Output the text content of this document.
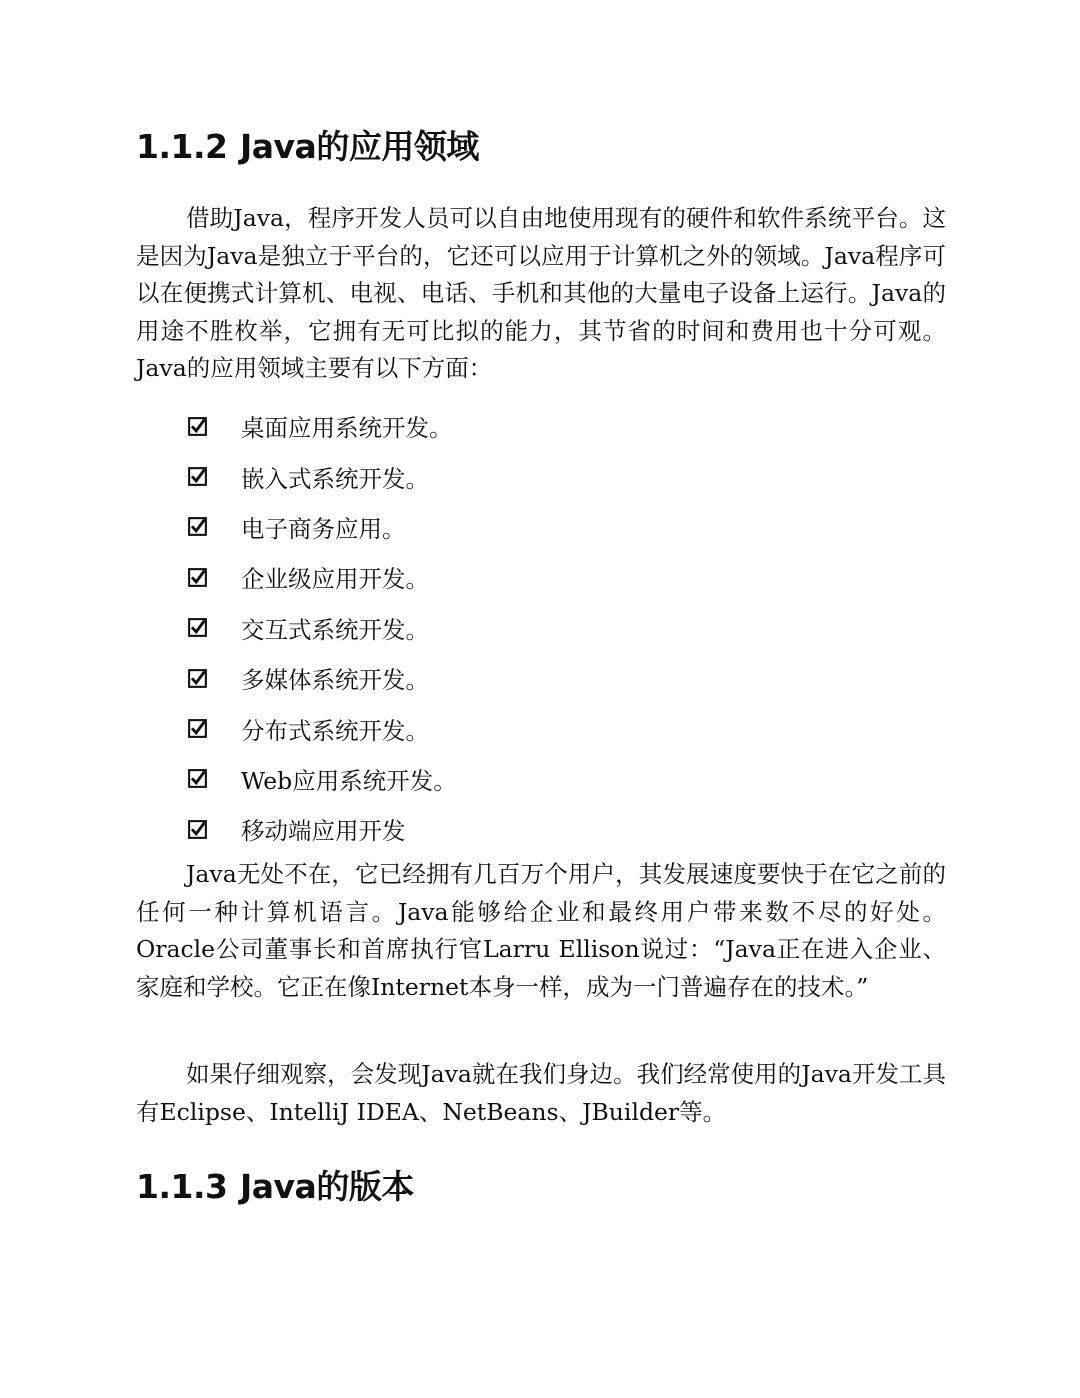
1.1.2 Java的应用领域

借助Java，程序开发人员可以自由地使用现有的硬件和软件系统平台。这是因为Java是独立于平台的，它还可以应用于计算机之外的领域。Java程序可以在便携式计算机、电视、电话、手机和其他的大量电子设备上运行。Java的用途不胜枚举，它拥有无可比拟的能力，其节省的时间和费用也十分可观。Java的应用领域主要有以下方面：

桌面应用系统开发。
嵌入式系统开发。
电子商务应用。
企业级应用开发。
交互式系统开发。
多媒体系统开发。
分布式系统开发。
Web应用系统开发。
移动端应用开发

Java无处不在，它已经拥有几百万个用户，其发展速度要快于在它之前的任何一种计算机语言。Java能够给企业和最终用户带来数不尽的好处。Oracle公司董事长和首席执行官Larru Ellison说过：“Java正在进入企业、家庭和学校。它正在像Internet本身一样，成为一门普遍存在的技术。”

如果仔细观察，会发现Java就在我们身边。我们经常使用的Java开发工具有Eclipse、IntelliJ IDEA、NetBeans、JBuilder等。

1.1.3 Java的版本
